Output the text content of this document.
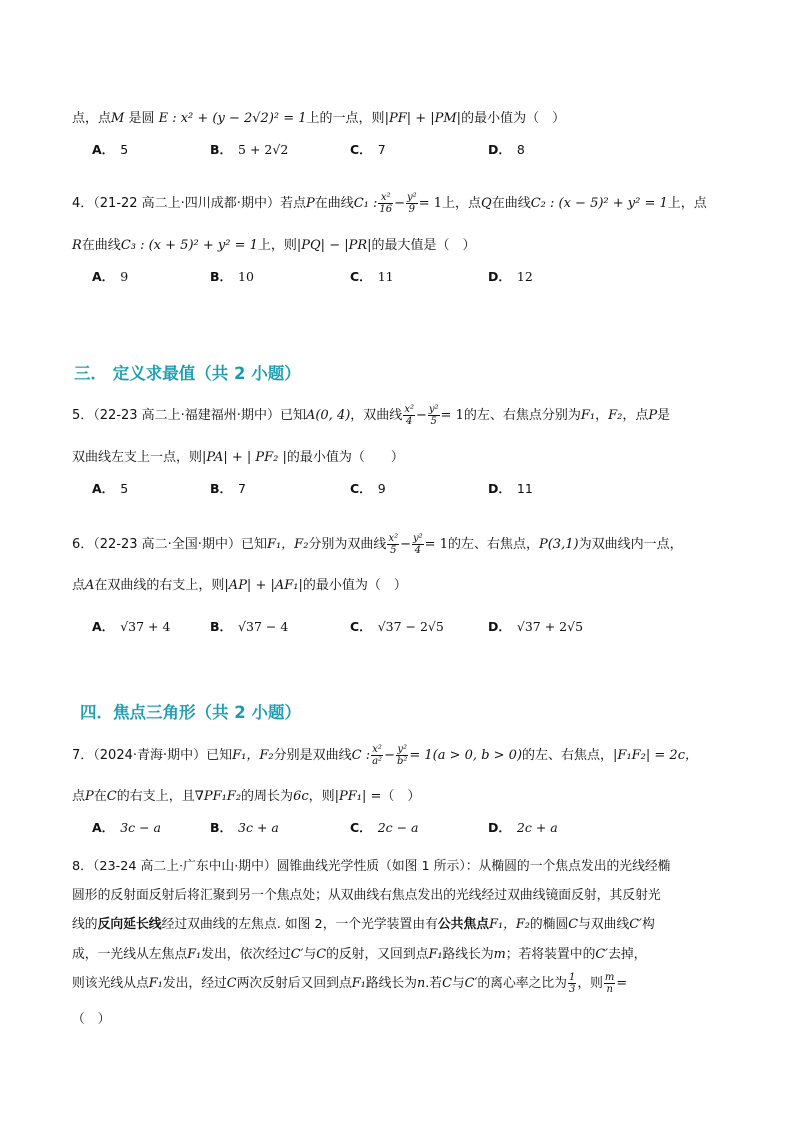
点，点M 是圆 E : x² + (y − 2√2)² = 1上的一点，则|PF| + |PM|的最小值为（　）
A． 5	B． 5 + 2√2	C． 7	D． 8
4．（21-22 高二上·四川成都·期中）若点P在曲线C₁ : $\frac{\text{x²}}{16} - \frac{\text{y²}}{9} = 1$上，点Q在曲线C₂ : (x − 5)² + y² = 1上，点
R在曲线C₃ : (x + 5)² + y² = 1上，则|PQ| − |PR|的最大值是（　）
A． 9	B． 10	C． 11	D． 12
三． 定义求最值（共 2 小题）
5．（22-23 高二上·福建福州·期中）已知A(0, 4)，双曲线 $\frac{\text{x²}}{4} - \frac{\text{y²}}{5} = 1$的左、右焦点分别为F₁，F₂，点P是
双曲线左支上一点，则|PA| + | PF₂ |的最小值为（　　）
A． 5	B． 7	C． 9	D． 11
6．（22-23 高二·全国·期中）已知F₁，F₂分别为双曲线 $\frac{\text{x²}}{5} - \frac{\text{y²}}{4} = 1$的左、右焦点，P(3,1)为双曲线内一点，
点A在双曲线的右支上，则|AP| + |AF₁|的最小值为（　）
A． √37 + 4	B． √37 − 4	C． √37 − 2√5	D． √37 + 2√5
四．焦点三角形（共 2 小题）
7．（2024·青海·期中）已知F₁，F₂分别是双曲线C : $\frac{\text{x²}}{\text{a²}} - \frac{\text{y²}}{\text{b²}} = 1(a > 0$, b > 0)的左、右焦点，|F₁F₂| = 2c，
点P在C的右支上，且∇PF₁F₂的周长为6c，则|PF₁| =（　）
A． 3c − a	B． 3c + a	C． 2c − a	D． 2c + a
8．（23-24 高二上·广东中山·期中）圆锥曲线光学性质（如图 1 所示）：从椭圆的一个焦点发出的光线经椭
圆形的反射面反射后将汇聚到另一个焦点处；从双曲线右焦点发出的光线经过双曲线镜面反射，其反射光
线的反向延长线经过双曲线的左焦点. 如图 2，一个光学装置由有公共焦点F₁，F₂的椭圆C与双曲线C′构
成，一光线从左焦点F₁发出，依次经过C′与C的反射，又回到点F₁路线长为m；若将装置中的C′去掉，
则该光线从点F₁发出，经过C两次反射后又回到点F₁路线长为n.若C与C′的离心率之比为 $\frac{1}{3}$ ，则 $\frac{m}{n}$ =
（　）
